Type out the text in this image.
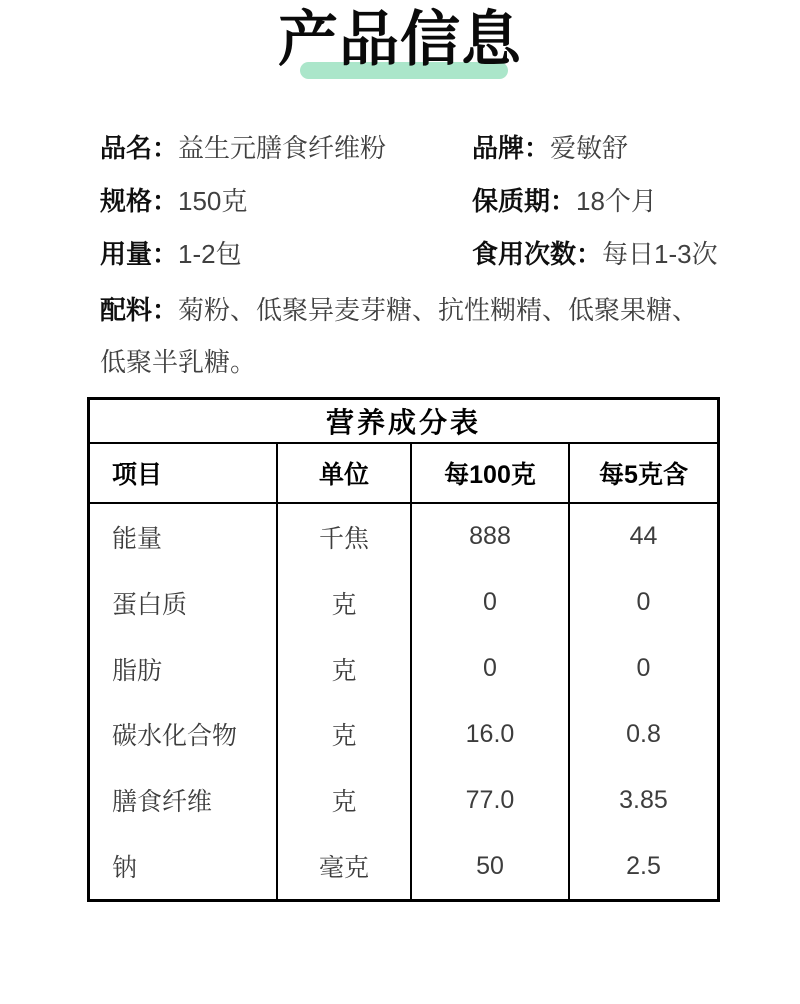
产品信息
品名：益生元膳食纤维粉	品牌：爱敏舒
规格：150克	保质期：18个月
用量：1-2包	食用次数：每日1-3次

配料：菊粉、低聚异麦芽糖、抗性糊精、低聚果糖、低聚半乳糖。

营养成分表
项目	单位	每100克	每5克含
能量	千焦	888	44
蛋白质	克	0	0
脂肪	克	0	0
碳水化合物	克	16.0	0.8
膳食纤维	克	77.0	3.85
钠	毫克	50	2.5
